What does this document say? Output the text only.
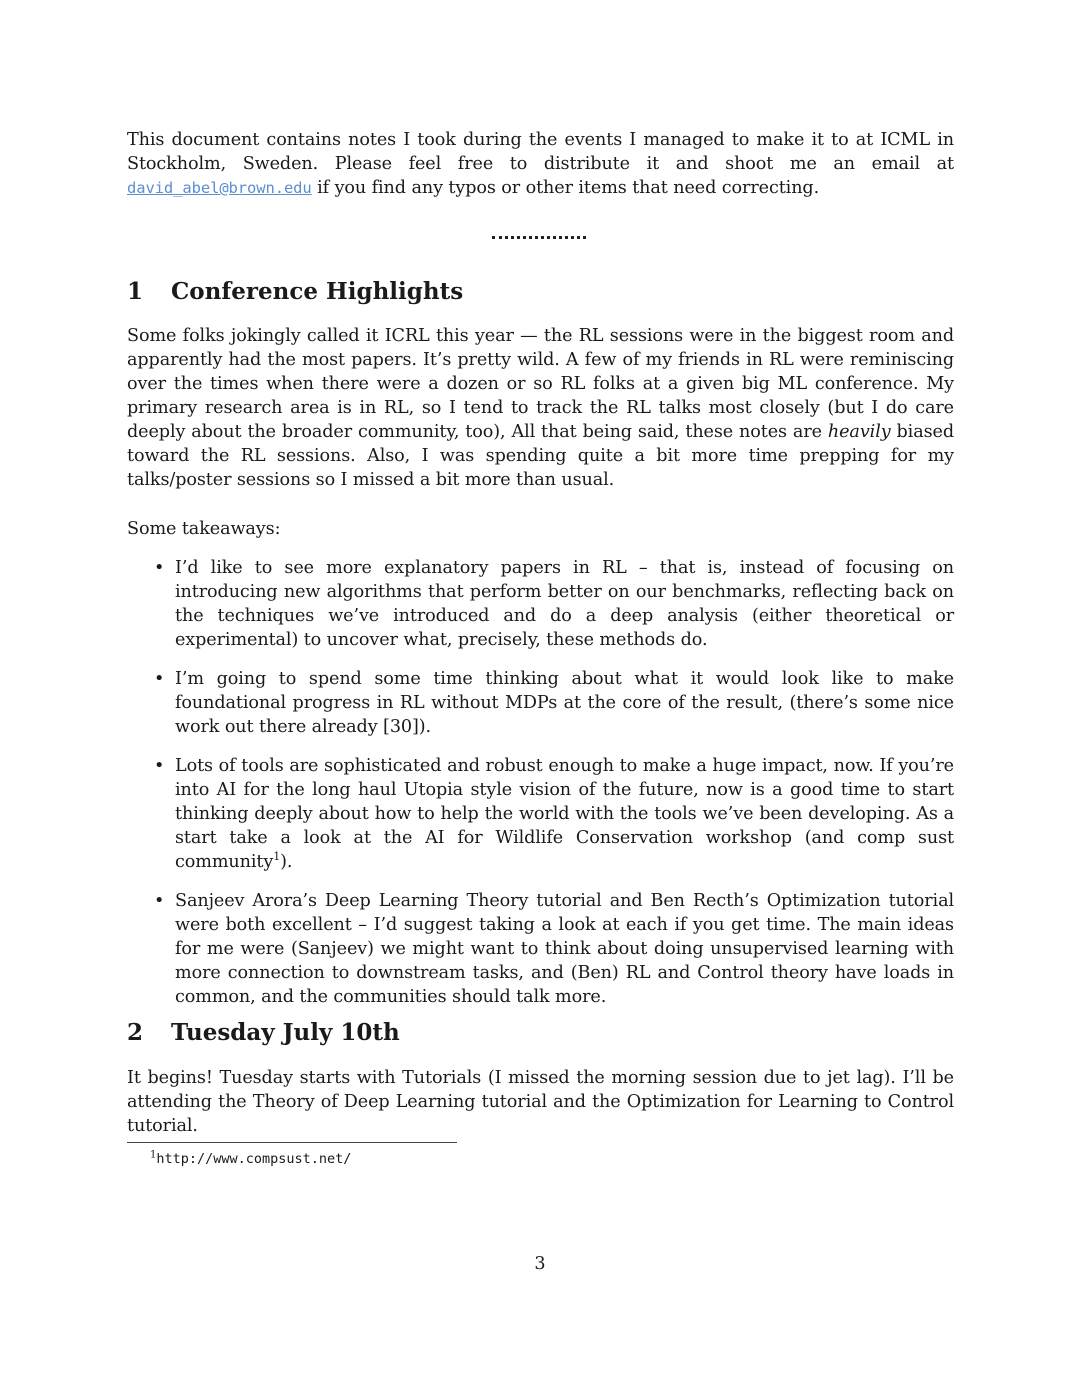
This document contains notes I took during the events I managed to make it to at ICML in Stockholm, Sweden. Please feel free to distribute it and shoot me an email at david_abel@brown.edu if you find any typos or other items that need correcting.

1 Conference Highlights

Some folks jokingly called it ICRL this year — the RL sessions were in the biggest room and apparently had the most papers. It’s pretty wild. A few of my friends in RL were reminiscing over the times when there were a dozen or so RL folks at a given big ML conference. My primary research area is in RL, so I tend to track the RL talks most closely (but I do care deeply about the broader community, too), All that being said, these notes are heavily biased toward the RL sessions. Also, I was spending quite a bit more time prepping for my talks/poster sessions so I missed a bit more than usual.

Some takeaways:

• I’d like to see more explanatory papers in RL – that is, instead of focusing on introducing new algorithms that perform better on our benchmarks, reflecting back on the techniques we’ve introduced and do a deep analysis (either theoretical or experimental) to uncover what, precisely, these methods do.
• I’m going to spend some time thinking about what it would look like to make foundational progress in RL without MDPs at the core of the result, (there’s some nice work out there already [30]).
• Lots of tools are sophisticated and robust enough to make a huge impact, now. If you’re into AI for the long haul Utopia style vision of the future, now is a good time to start thinking deeply about how to help the world with the tools we’ve been developing. As a start take a look at the AI for Wildlife Conservation workshop (and comp sust community$^1$).
• Sanjeev Arora’s Deep Learning Theory tutorial and Ben Recth’s Optimization tutorial were both excellent – I’d suggest taking a look at each if you get time. The main ideas for me were (Sanjeev) we might want to think about doing unsupervised learning with more connection to downstream tasks, and (Ben) RL and Control theory have loads in common, and the communities should talk more.
2 Tuesday July 10th

It begins! Tuesday starts with Tutorials (I missed the morning session due to jet lag). I’ll be attending the Theory of Deep Learning tutorial and the Optimization for Learning to Control tutorial.

$^1$http://www.compsust.net/
3
